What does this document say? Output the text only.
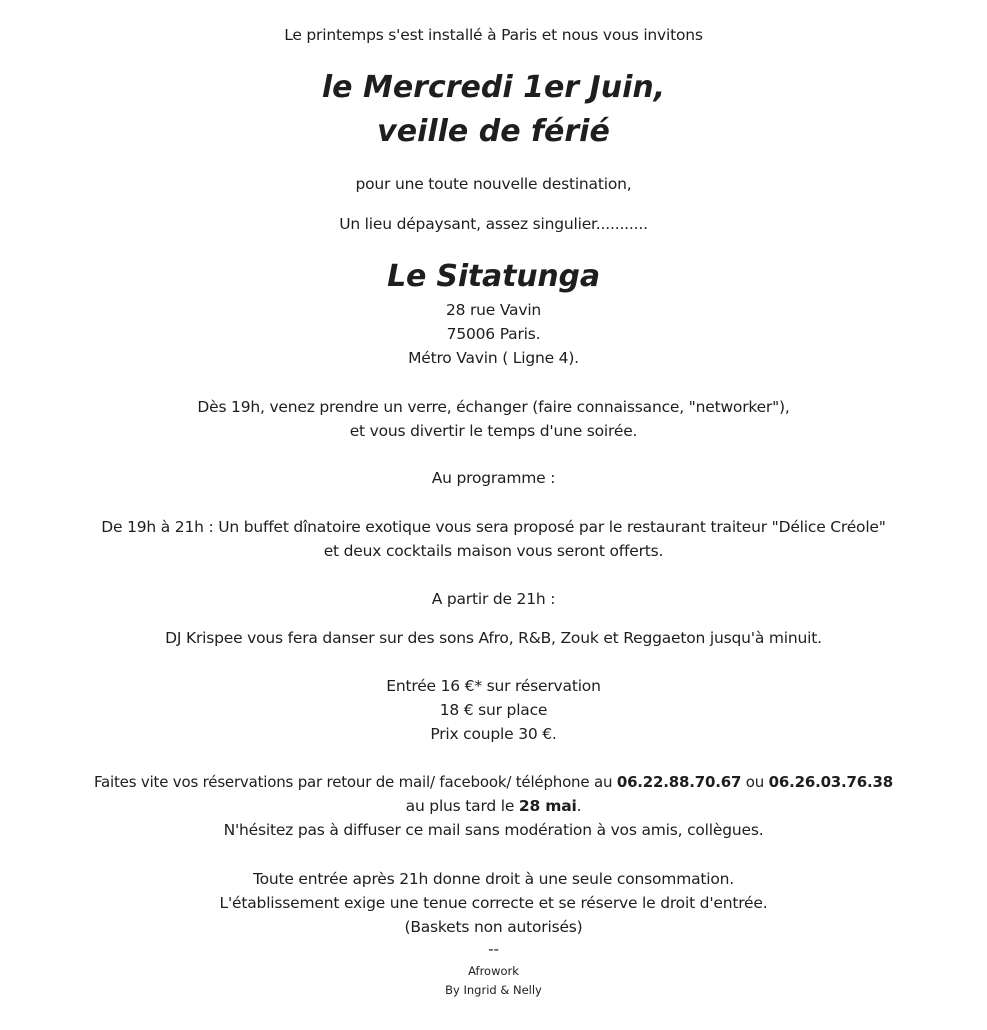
Le printemps s'est installé à Paris et nous vous invitons
le Mercredi 1er Juin,
veille de férié
pour une toute nouvelle destination,
Un lieu dépaysant, assez singulier...........
Le Sitatunga
28 rue Vavin
75006 Paris.
Métro Vavin ( Ligne 4).
Dès 19h, venez prendre un verre, échanger (faire connaissance, "networker"),
et vous divertir le temps d'une soirée.
Au programme :
De 19h à 21h : Un buffet dînatoire exotique vous sera proposé par le restaurant traiteur "Délice Créole"
et deux cocktails maison vous seront offerts.
A partir de 21h :
DJ Krispee vous fera danser sur des sons Afro, R&B, Zouk et Reggaeton jusqu'à minuit.
Entrée 16 €* sur réservation
18 € sur place
Prix couple 30 €.
Faites vite vos réservations par retour de mail/ facebook/ téléphone au 06.22.88.70.67 ou 06.26.03.76.38
au plus tard le 28 mai.
N'hésitez pas à diffuser ce mail sans modération à vos amis, collègues.
Toute entrée après 21h donne droit à une seule consommation.
L'établissement exige une tenue correcte et se réserve le droit d'entrée.
(Baskets non autorisés)
--
Afrowork
By Ingrid & Nelly
